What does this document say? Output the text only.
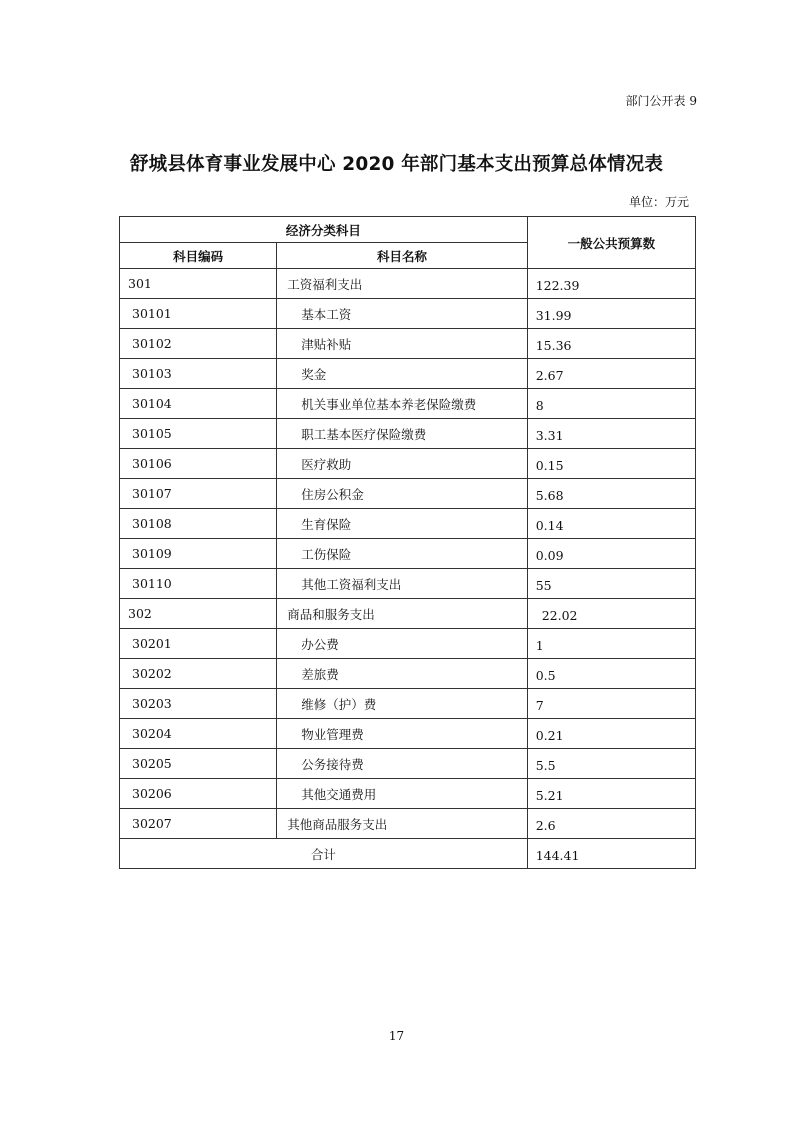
部门公开表 9
舒城县体育事业发展中心 2020 年部门基本支出预算总体情况表
单位：万元
经济分类科目		一般公共预算数
科目编码	科目名称	
301	工资福利支出	122.39
30101	基本工资	31.99
30102	津贴补贴	15.36
30103	奖金	2.67
30104	机关事业单位基本养老保险缴费	8
30105	职工基本医疗保险缴费	3.31
30106	医疗救助	0.15
30107	住房公积金	5.68
30108	生育保险	0.14
30109	工伤保险	0.09
30110	其他工资福利支出	55
302	商品和服务支出	22.02
30201	办公费	1
30202	差旅费	0.5
30203	维修（护）费	7
30204	物业管理费	0.21
30205	公务接待费	5.5
30206	其他交通费用	5.21
30207	其他商品服务支出	2.6
合计		144.41
17
